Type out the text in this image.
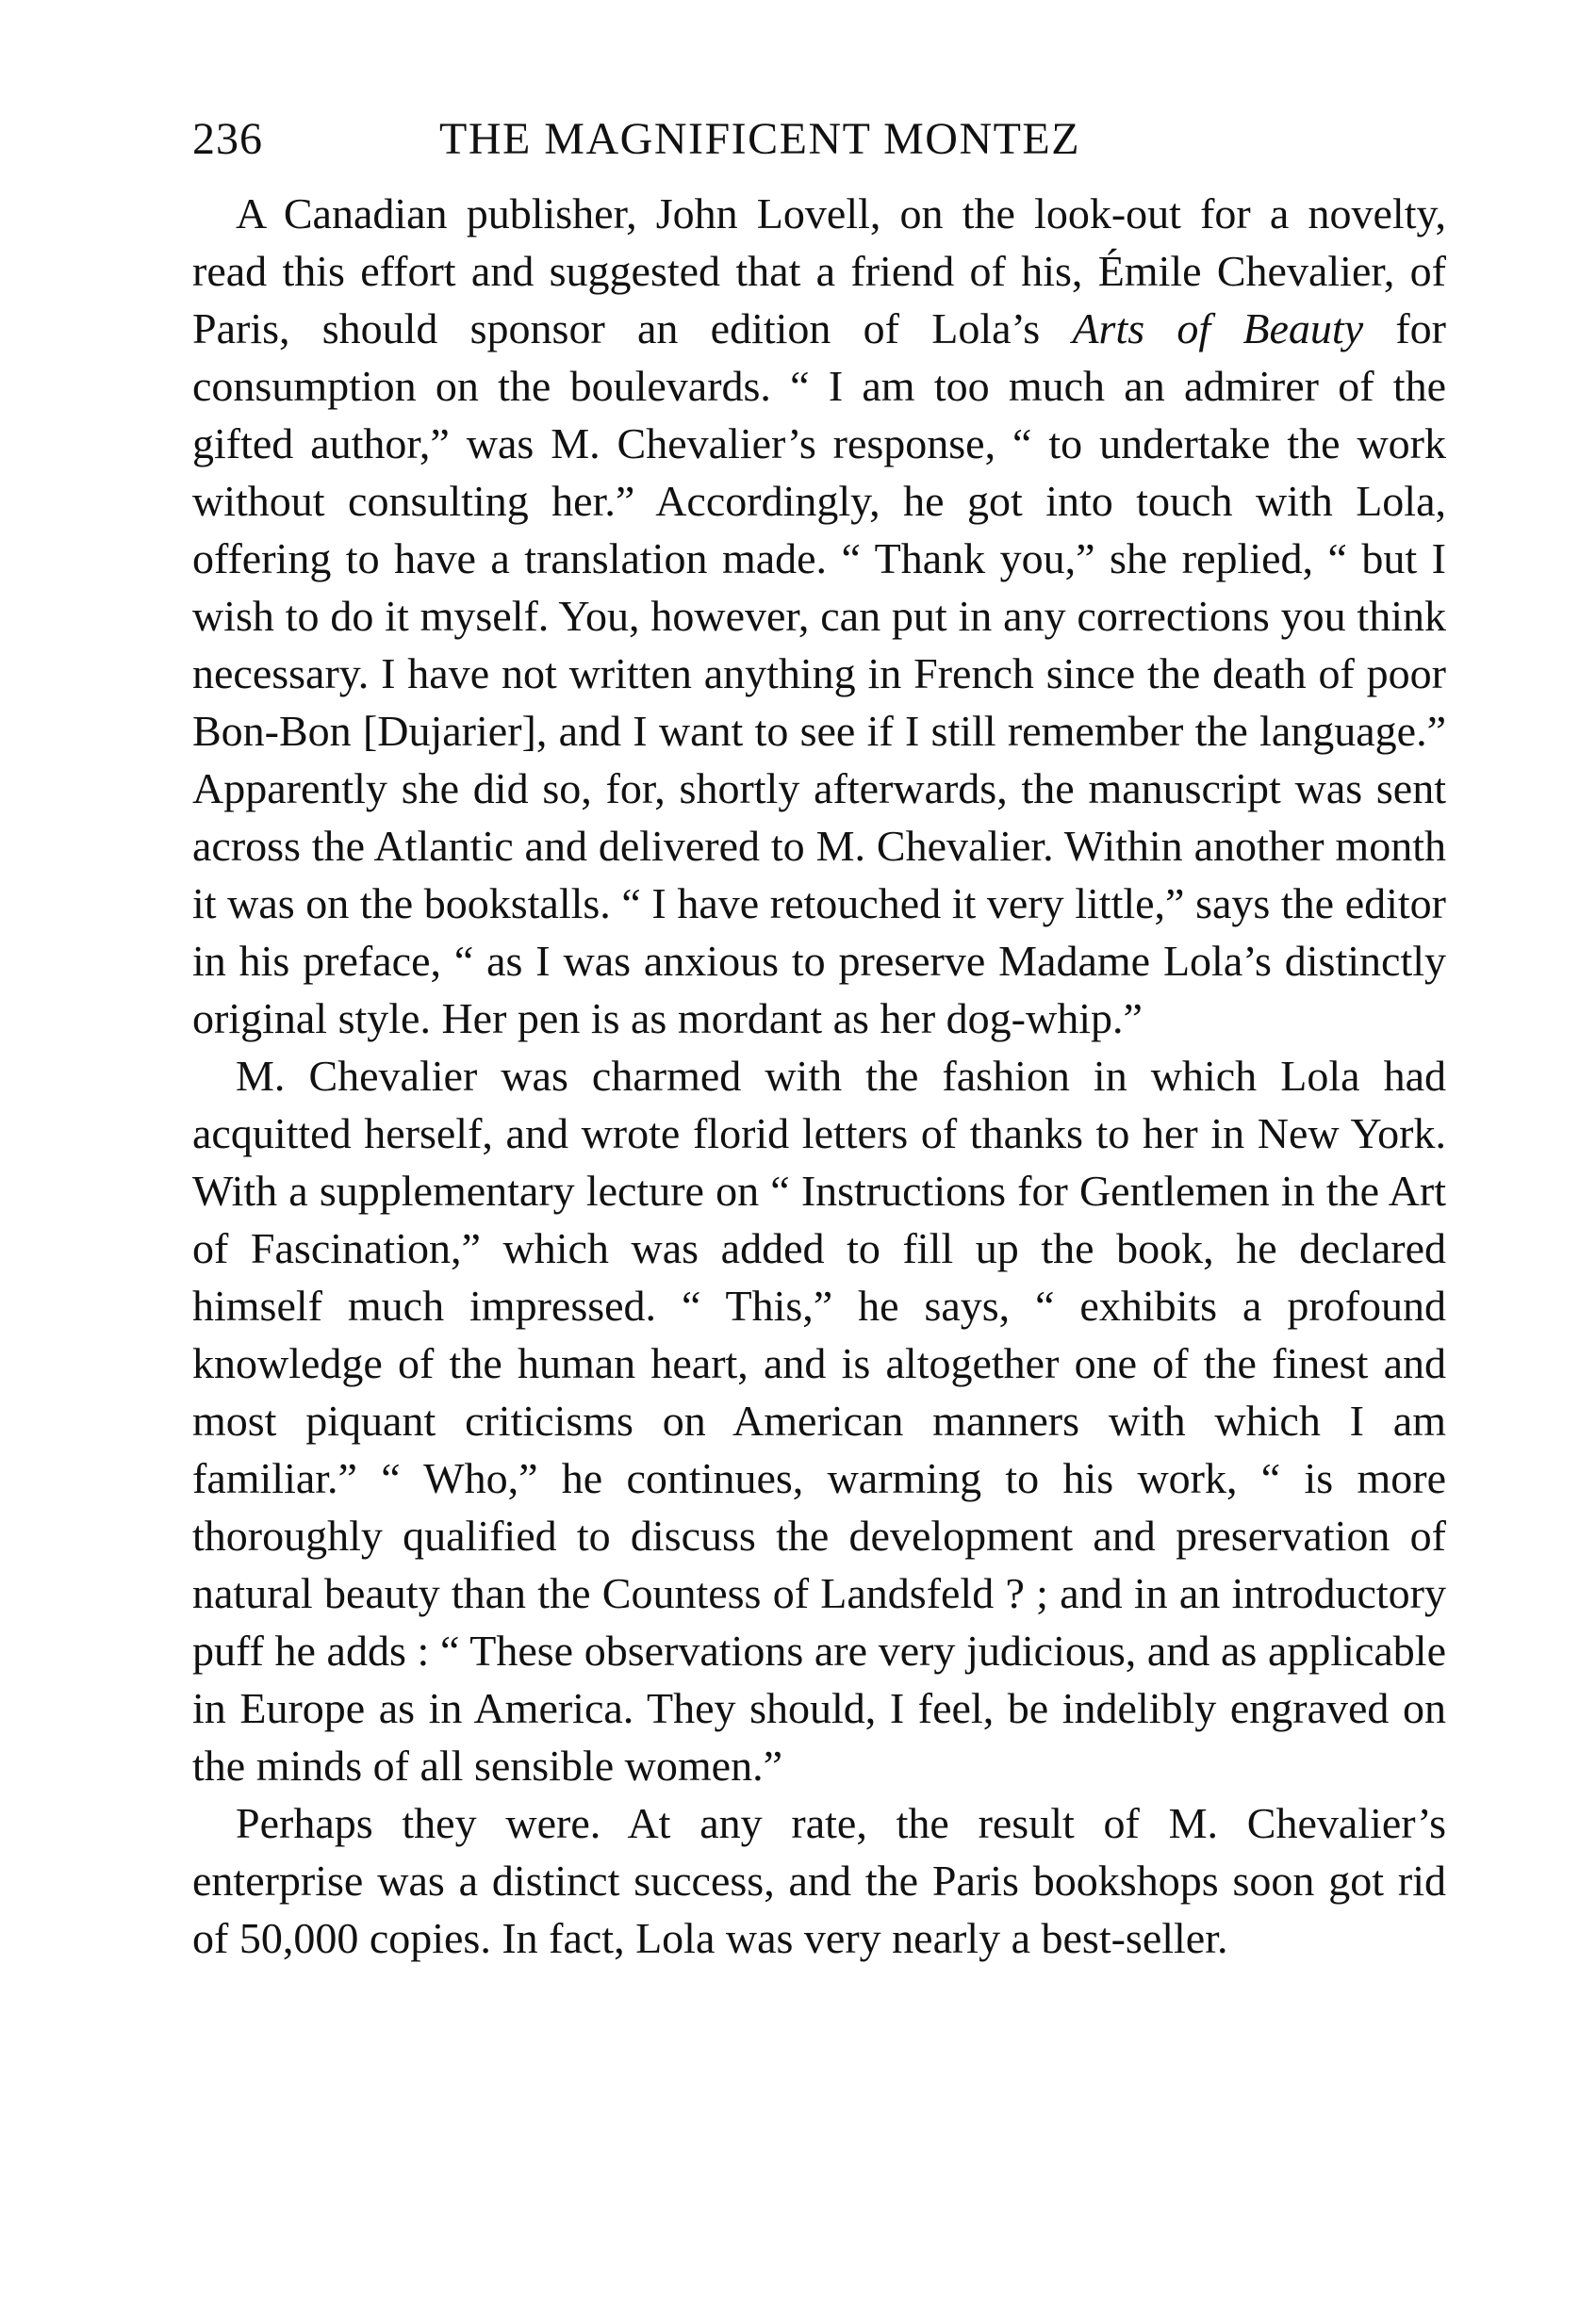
236	THE MAGNIFICENT MONTEZ

A Canadian publisher, John Lovell, on the look-out for a novelty, read this effort and suggested that a friend of his, Émile Chevalier, of Paris, should sponsor an edition of Lola’s Arts of Beauty for consumption on the boulevards. “ I am too much an admirer of the gifted author,” was M. Chevalier’s response, “ to undertake the work without consulting her.” Accordingly, he got into touch with Lola, offering to have a translation made. “ Thank you,” she replied, “ but I wish to do it myself. You, however, can put in any corrections you think necessary. I have not written anything in French since the death of poor Bon-Bon [Dujarier], and I want to see if I still remember the language.” Apparently she did so, for, shortly afterwards, the manuscript was sent across the Atlantic and delivered to M. Chevalier. Within another month it was on the bookstalls. “ I have retouched it very little,” says the editor in his preface, “ as I was anxious to preserve Madame Lola’s distinctly original style. Her pen is as mordant as her dog-whip.”

M. Chevalier was charmed with the fashion in which Lola had acquitted herself, and wrote florid letters of thanks to her in New York. With a supplementary lecture on “ Instructions for Gentlemen in the Art of Fascination,” which was added to fill up the book, he declared himself much impressed. “ This,” he says, “ exhibits a profound knowledge of the human heart, and is altogether one of the finest and most piquant criticisms on American manners with which I am familiar.” “ Who,” he continues, warming to his work, “ is more thoroughly qualified to discuss the development and preservation of natural beauty than the Countess of Landsfeld ? ; and in an introductory puff he adds : “ These observations are very judicious, and as applicable in Europe as in America. They should, I feel, be indelibly engraved on the minds of all sensible women.”

Perhaps they were. At any rate, the result of M. Chevalier’s enterprise was a distinct success, and the Paris bookshops soon got rid of 50,000 copies. In fact, Lola was very nearly a best-seller.
